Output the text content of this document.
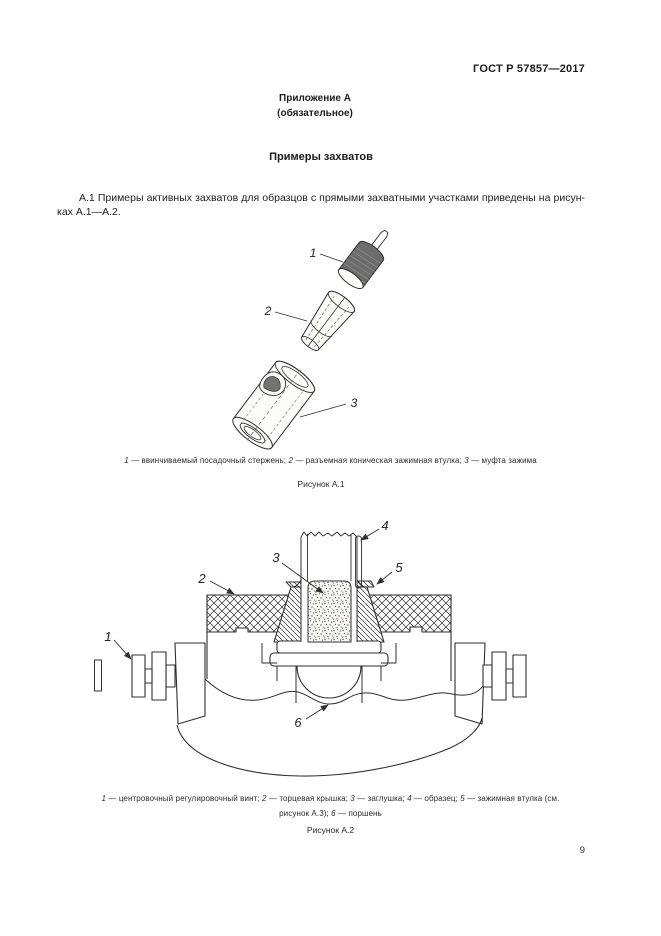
ГОСТ Р 57857—2017
Приложение А
(обязательное)
Примеры захватов

А.1 Примеры активных захватов для образцов с прямыми захватными участками приведены на рисунках А.1—А.2.

1
2
3
1 — ввинчиваемый посадочный стержень; 2 — разъемная коническая зажимная втулка; 3 — муфта зажима
Рисунок А.1
1
2
3
4
5
6
1 — центровочный регулировочный винт; 2 — торцевая крышка; 3 — заглушка; 4 — образец; 5 — зажимная втулка (см. рисунок А.3); 6 — поршень
Рисунок А.2
9
